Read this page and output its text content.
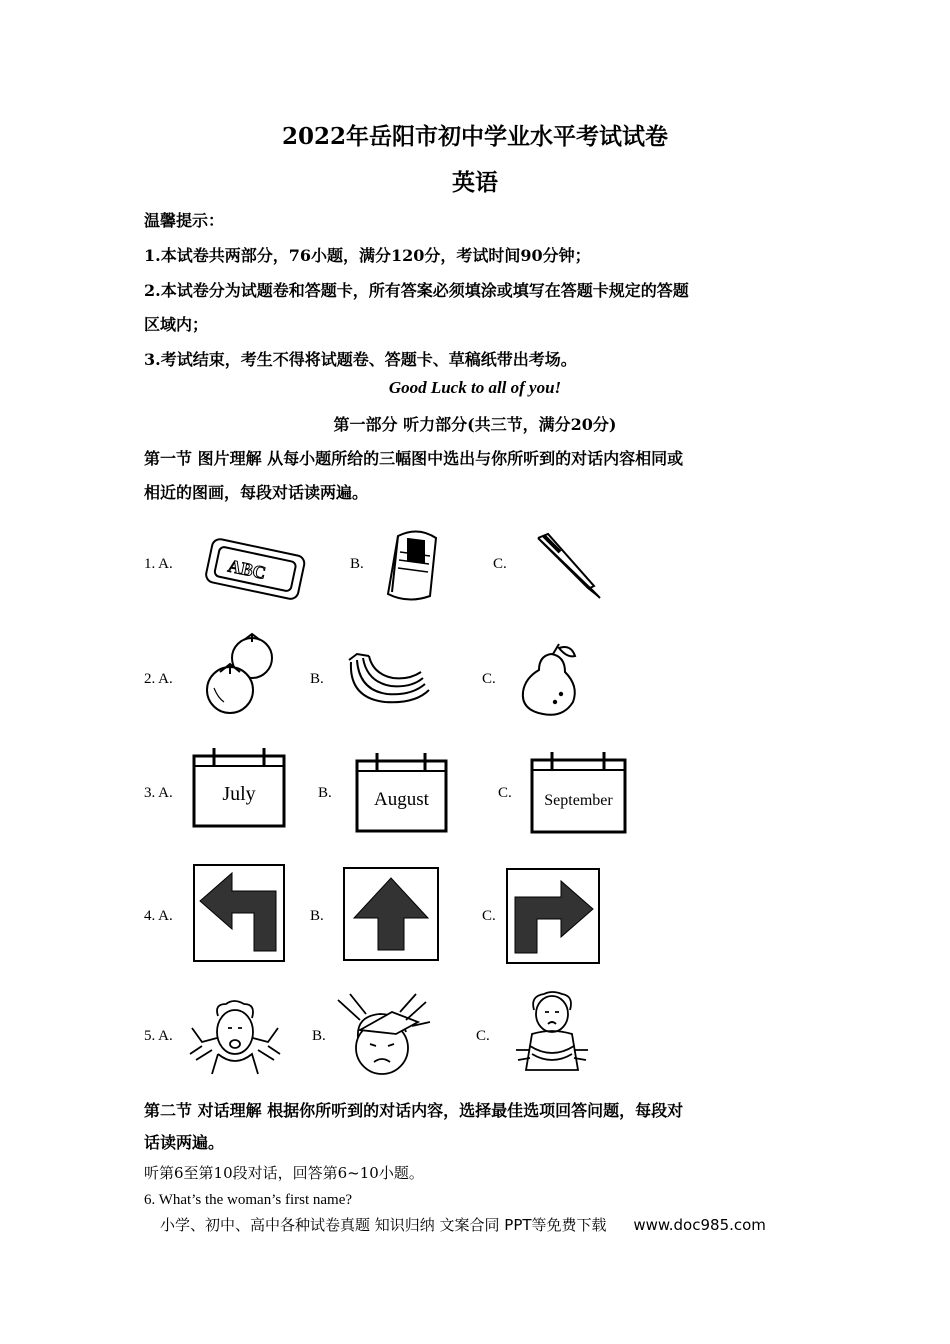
2022年岳阳市初中学业水平考试试卷
英语
温馨提示：
1.本试卷共两部分，76小题，满分120分，考试时间90分钟；
2.本试卷分为试题卷和答题卡，所有答案必须填涂或填写在答题卡规定的答题
区域内；
3.考试结束，考生不得将试题卷、答题卡、草稿纸带出考场。
Good Luck to all of you!
第一部分 听力部分(共三节，满分20分)
第一节 图片理解 从每小题所给的三幅图中选出与你所听到的对话内容相同或
相近的图画，每段对话读两遍。
1. A.	B.	C.
ABC
2. A.	B.	C.
3. A.	B.	C.
July	August	September
4. A.	B.	C.
5. A.	B.	C.
第二节 对话理解 根据你所听到的对话内容，选择最佳选项回答问题，每段对
话读两遍。
听第6至第10段对话，回答第6~10小题。
6. What’s the woman’s first name?
小学、初中、高中各种试卷真题 知识归纳 文案合同 PPT等免费下载 www.doc985.com
